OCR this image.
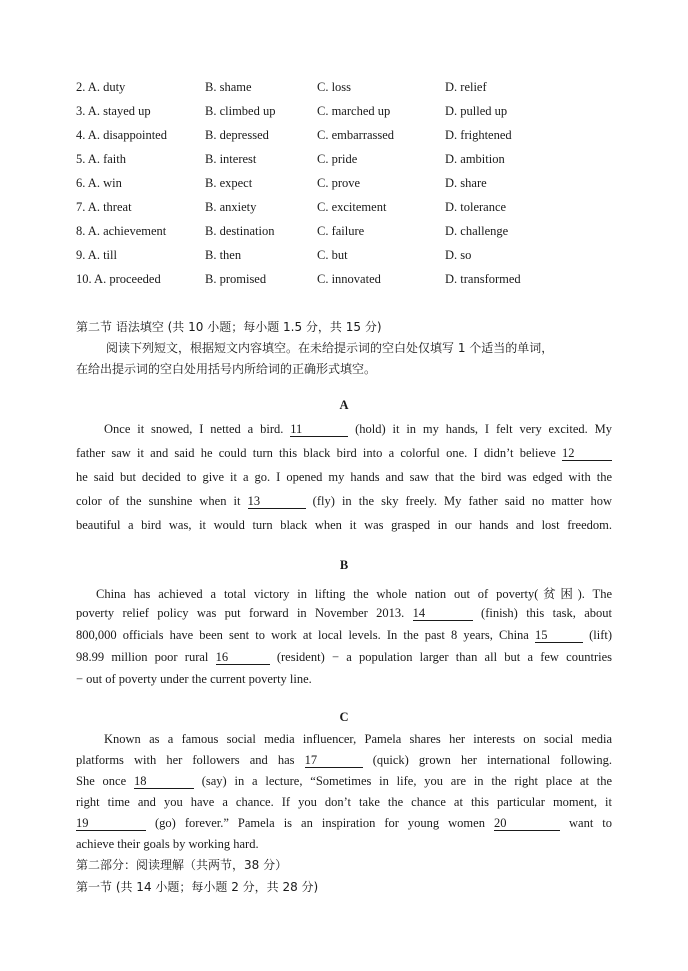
2. A. duty	B. shame	C. loss	D. relief
3. A. stayed up	B. climbed up	C. marched up	D. pulled up
4. A. disappointed	B. depressed	C. embarrassed	D. frightened
5. A. faith	B. interest	C. pride	D. ambition
6. A. win	B. expect	C. prove	D. share
7. A. threat	B. anxiety	C. excitement	D. tolerance
8. A. achievement	B. destination	C. failure	D. challenge
9. A. till	B. then	C. but	D. so
10. A. proceeded	B. promised	C. innovated	D. transformed
第二节 语法填空 (共 10 小题；每小题 1.5 分，共 15 分)
阅读下列短文，根据短文内容填空。在未给提示词的空白处仅填写 1 个适当的单词，
在给出提示词的空白处用括号内所给词的正确形式填空。
A
Once it snowed, I netted a bird. 11	(hold) it in my hands, I felt very excited. My
father saw it and said he could turn this black bird into a colorful one. I didn’t believe 12
he said but decided to give it a go. I opened my hands and saw that the bird was edged with the
color of the sunshine when it 13	(fly) in the sky freely. My father said no matter how
beautiful a bird was, it would turn black when it was grasped in our hands and lost freedom.
B
China has achieved a total victory in lifting the whole nation out of poverty(贫困). The
poverty relief policy was put forward in November 2013. 14	(finish) this task, about
800,000 officials have been sent to work at local levels. In the past 8 years, China 15	(lift)
98.99 million poor rural 16	(resident) − a population larger than all but a few countries
− out of poverty under the current poverty line.
C
Known as a famous social media influencer, Pamela shares her interests on social media
platforms with her followers and has 17	(quick) grown her international following.
She once 18	(say) in a lecture, “Sometimes in life, you are in the right place at the
right time and you have a chance. If you don’t take the chance at this particular moment, it
19	(go) forever.” Pamela is an inspiration for young women 20	want to
achieve their goals by working hard.
第二部分：阅读理解（共两节，38 分）
第一节 (共 14 小题；每小题 2 分，共 28 分)
